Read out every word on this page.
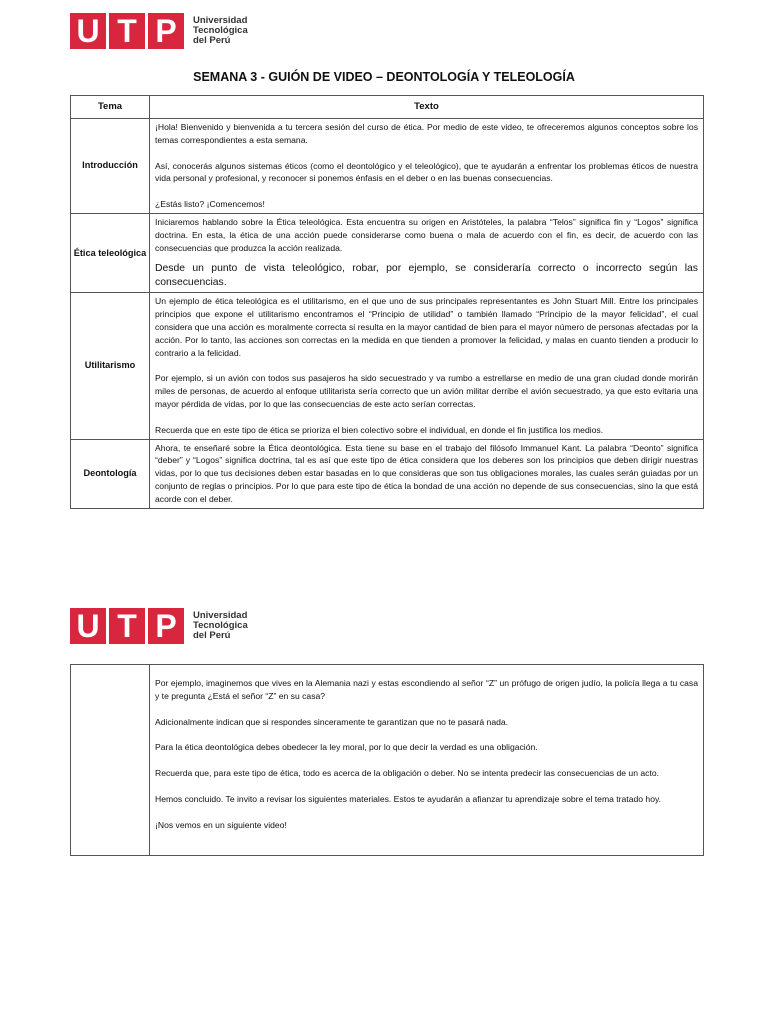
U T P	Universidad
Tecnológica
del Perú
SEMANA 3 - GUIÓN DE VIDEO – DEONTOLOGÍA Y TELEOLOGÍA
Tema	Texto
Introducción	¡Hola! Bienvenido y bienvenida a tu tercera sesión del curso de ética. Por medio de este video, te ofreceremos algunos conceptos sobre los temas correspondientes a esta semana.

Así, conocerás algunos sistemas éticos (como el deontológico y el teleológico), que te ayudarán a enfrentar los problemas éticos de nuestra vida personal y profesional, y reconocer si ponemos énfasis en el deber o en las buenas consecuencias.

¿Estás listo? ¡Comencemos!

Ética teleológica	Iniciaremos hablando sobre la Ética teleológica. Esta encuentra su origen en Aristóteles, la palabra “Telos” significa fin y “Logos” significa doctrina. En esta, la ética de una acción puede considerarse como buena o mala de acuerdo con el fin, es decir, de acuerdo con las consecuencias que produzca la acción realizada.

Desde un punto de vista teleológico, robar, por ejemplo, se consideraría correcto o incorrecto según las consecuencias.

Utilitarismo	Un ejemplo de ética teleológica es el utilitarismo, en el que uno de sus principales representantes es John Stuart Mill. Entre los principales principios que expone el utilitarismo encontramos el “Principio de utilidad” o también llamado “Principio de la mayor felicidad”, el cual considera que una acción es moralmente correcta si resulta en la mayor cantidad de bien para el mayor número de personas afectadas por la acción. Por lo tanto, las acciones son correctas en la medida en que tienden a promover la felicidad, y malas en cuanto tienden a producir lo contrario a la felicidad.

Por ejemplo, si un avión con todos sus pasajeros ha sido secuestrado y va rumbo a estrellarse en medio de una gran ciudad donde morirán miles de personas, de acuerdo al enfoque utilitarista sería correcto que un avión militar derribe el avión secuestrado, ya que esto evitaria una mayor pérdida de vidas, por lo que las consecuencias de este acto serían correctas.

Recuerda que en este tipo de ética se prioriza el bien colectivo sobre el individual, en donde el fin justifica los medios.

Deontología	Ahora, te enseñaré sobre la Ética deontológica. Esta tiene su base en el trabajo del filósofo Immanuel Kant. La palabra “Deonto” significa “deber” y “Logos” significa doctrina, tal es así que este tipo de ética considera que los deberes son los principios que deben dirigir nuestras vidas, por lo que tus decisiones deben estar basadas en lo que consideras que son tus obligaciones morales, las cuales serán guiadas por un conjunto de reglas o principios. Por lo que para este tipo de ética la bondad de una acción no depende de sus consecuencias, sino la que está acorde con el deber.

U T P	Universidad
Tecnológica
del Perú

Por ejemplo, imaginemos que vives en la Alemania nazi y estas escondiendo al señor “Z” un prófugo de origen judío, la policía llega a tu casa y te pregunta ¿Está el señor “Z” en su casa?

Adicionalmente indican que si respondes sinceramente te garantizan que no te pasará nada.

Para la ética deontológica debes obedecer la ley moral, por lo que decir la verdad es una obligación.

Recuerda que, para este tipo de ética, todo es acerca de la obligación o deber. No se intenta predecir las consecuencias de un acto.

Hemos concluido. Te invito a revisar los siguientes materiales. Estos te ayudarán a afianzar tu aprendizaje sobre el tema tratado hoy.

¡Nos vemos en un siguiente video!
